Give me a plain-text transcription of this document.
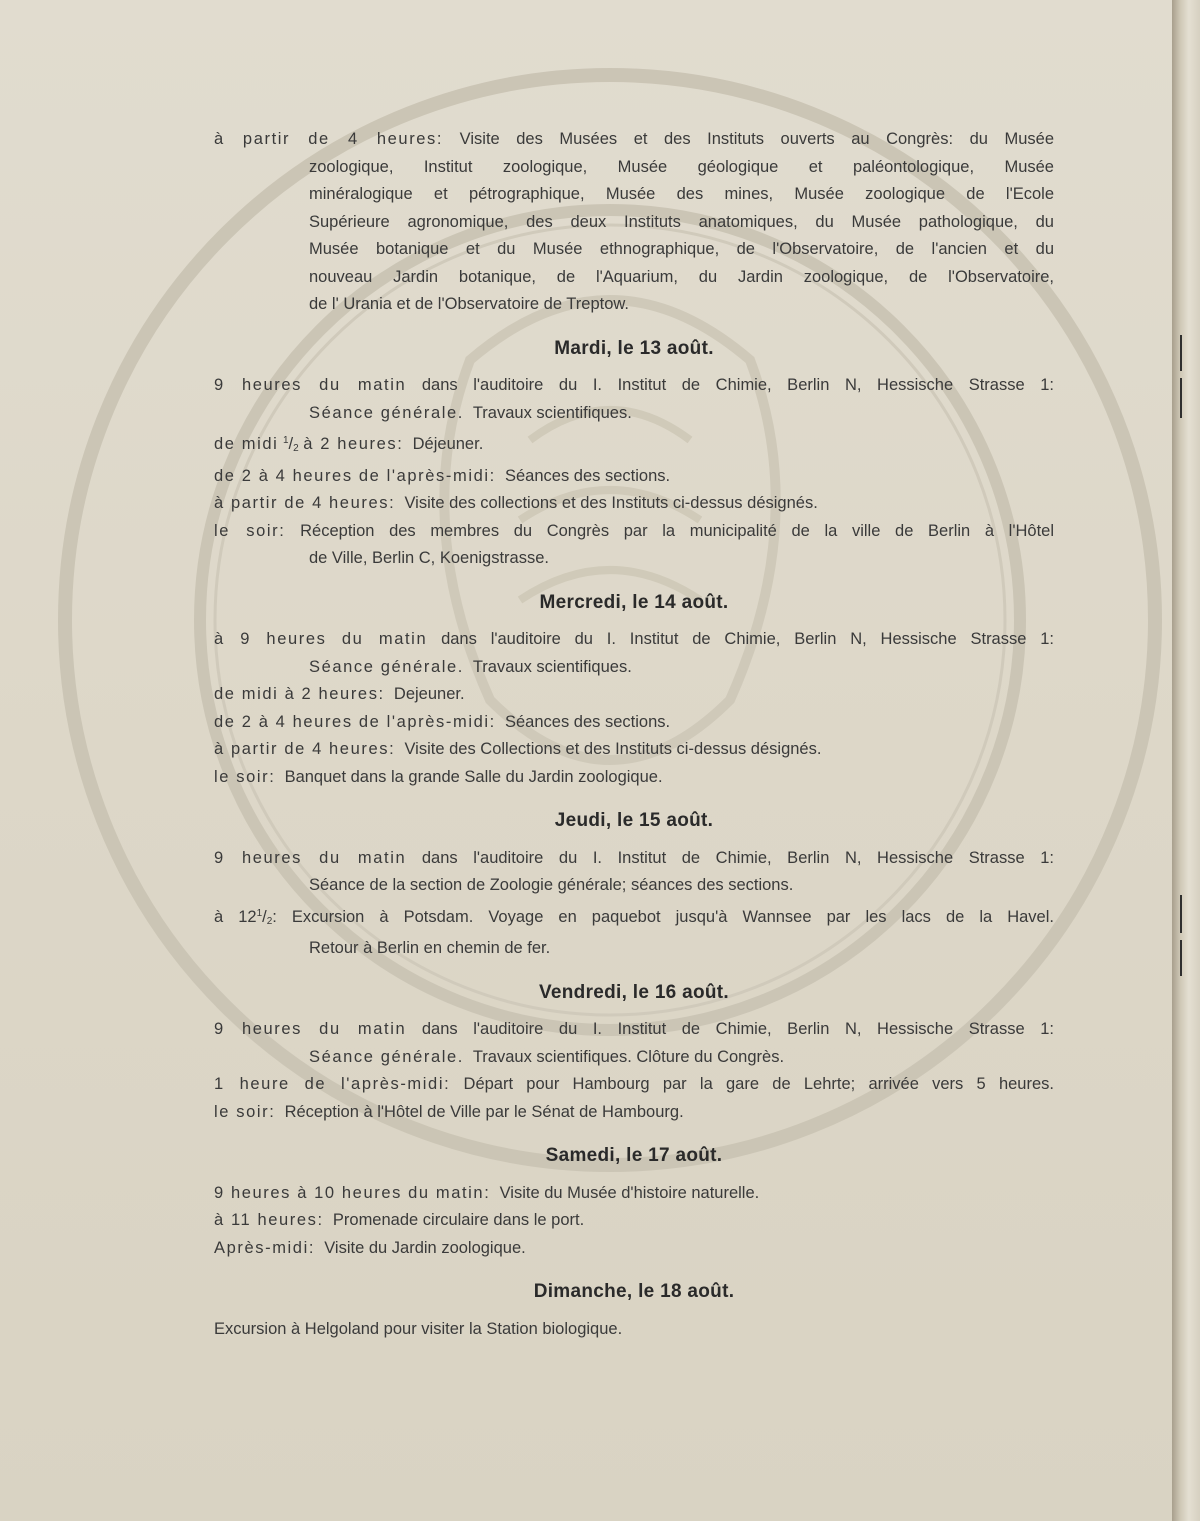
à partir de 4 heures: Visite des Musées et des Instituts ouverts au Congrès: du Musée
zoologique, Institut zoologique, Musée géologique et paléontologique, Musée
minéralogique et pétrographique, Musée des mines, Musée zoologique de l'Ecole
Supérieure agronomique, des deux Instituts anatomiques, du Musée pathologique, du
Musée botanique et du Musée ethnographique, de l'Observatoire, de l'ancien et du
nouveau Jardin botanique, de l'Aquarium, du Jardin zoologique, de l'Observatoire,
de l' Urania et de l'Observatoire de Treptow.
Mardi, le 13 août.
9 heures du matin dans l'auditoire du I. Institut de Chimie, Berlin N, Hessische Strasse 1:
Séance générale. Travaux scientifiques.
de midi $^1/_2$ à 2 heures: Déjeuner.
de 2 à 4 heures de l'après-midi: Séances des sections.
à partir de 4 heures: Visite des collections et des Instituts ci-dessus désignés.
le soir: Réception des membres du Congrès par la municipalité de la ville de Berlin à l'Hôtel
de Ville, Berlin C, Koenigstrasse.
Mercredi, le 14 août.
à 9 heures du matin dans l'auditoire du I. Institut de Chimie, Berlin N, Hessische Strasse 1:
Séance générale. Travaux scientifiques.
de midi à 2 heures: Dejeuner.
de 2 à 4 heures de l'après-midi: Séances des sections.
à partir de 4 heures: Visite des Collections et des Instituts ci-dessus désignés.
le soir: Banquet dans la grande Salle du Jardin zoologique.
Jeudi, le 15 août.
9 heures du matin dans l'auditoire du I. Institut de Chimie, Berlin N, Hessische Strasse 1:
Séance de la section de Zoologie générale; séances des sections.
à $12^1/_2$: Excursion à Potsdam. Voyage en paquebot jusqu'à Wannsee par les lacs de la Havel.
Retour à Berlin en chemin de fer.
Vendredi, le 16 août.
9 heures du matin dans l'auditoire du I. Institut de Chimie, Berlin N, Hessische Strasse 1:
Séance générale. Travaux scientifiques. Clôture du Congrès.
1 heure de l'après-midi: Départ pour Hambourg par la gare de Lehrte; arrivée vers 5 heures.
le soir: Réception à l'Hôtel de Ville par le Sénat de Hambourg.
Samedi, le 17 août.
9 heures à 10 heures du matin: Visite du Musée d'histoire naturelle.
à 11 heures: Promenade circulaire dans le port.
Après-midi: Visite du Jardin zoologique.
Dimanche, le 18 août.
Excursion à Helgoland pour visiter la Station biologique.
